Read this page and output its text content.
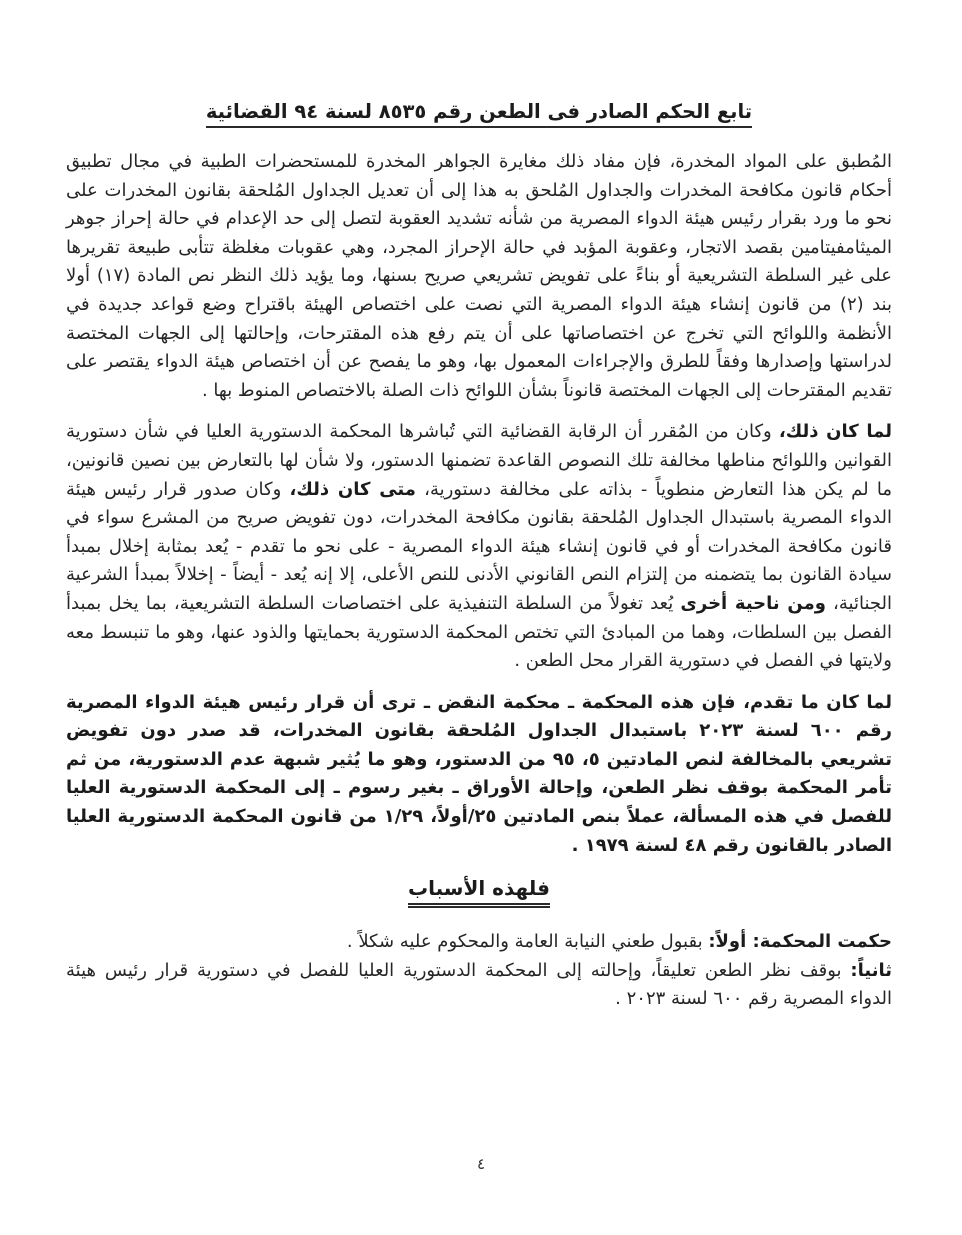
تابع الحكم الصادر فى الطعن رقم ٨٥٣٥ لسنة ٩٤ القضائية

المُطبق على المواد المخدرة، فإن مفاد ذلك مغايرة الجواهر المخدرة للمستحضرات الطبية في مجال تطبيق أحكام قانون مكافحة المخدرات والجداول المُلحق به هذا إلى أن تعديل الجداول المُلحقة بقانون المخدرات على نحو ما ورد بقرار رئيس هيئة الدواء المصرية من شأنه تشديد العقوبة لتصل إلى حد الإعدام في حالة إحراز جوهر الميثامفيتامين بقصد الاتجار، وعقوبة المؤبد في حالة الإحراز المجرد، وهي عقوبات مغلظة تتأبى طبيعة تقريرها على غير السلطة التشريعية أو بناءً على تفويض تشريعي صريح بسنها، وما يؤيد ذلك النظر نص المادة (١٧) أولا بند (٢) من قانون إنشاء هيئة الدواء المصرية التي نصت على اختصاص الهيئة باقتراح وضع قواعد جديدة في الأنظمة واللوائح التي تخرج عن اختصاصاتها على أن يتم رفع هذه المقترحات، وإحالتها إلى الجهات المختصة لدراستها وإصدارها وفقاً للطرق والإجراءات المعمول بها، وهو ما يفصح عن أن اختصاص هيئة الدواء يقتصر على تقديم المقترحات إلى الجهات المختصة قانوناً بشأن اللوائح ذات الصلة بالاختصاص المنوط بها .

لما كان ذلك، وكان من المُقرر أن الرقابة القضائية التي تُباشرها المحكمة الدستورية العليا في شأن دستورية القوانين واللوائح مناطها مخالفة تلك النصوص القاعدة تضمنها الدستور، ولا شأن لها بالتعارض بين نصين قانونين، ما لم يكن هذا التعارض منطوياً - بذاته على مخالفة دستورية، متى كان ذلك، وكان صدور قرار رئيس هيئة الدواء المصرية باستبدال الجداول المُلحقة بقانون مكافحة المخدرات، دون تفويض صريح من المشرع سواء في قانون مكافحة المخدرات أو في قانون إنشاء هيئة الدواء المصرية - على نحو ما تقدم - يُعد بمثابة إخلال بمبدأ سيادة القانون بما يتضمنه من إلتزام النص القانوني الأدنى للنص الأعلى، إلا إنه يُعد - أيضاً - إخلالاً بمبدأ الشرعية الجنائية، ومن ناحية أخرى يُعد تغولاً من السلطة التنفيذية على اختصاصات السلطة التشريعية، بما يخل بمبدأ الفصل بين السلطات، وهما من المبادئ التي تختص المحكمة الدستورية بحمايتها والذود عنها، وهو ما تنبسط معه ولايتها في الفصل في دستورية القرار محل الطعن .

لما كان ما تقدم، فإن هذه المحكمة ـ محكمة النقض ـ ترى أن قرار رئيس هيئة الدواء المصرية رقم ٦٠٠ لسنة ٢٠٢٣ باستبدال الجداول المُلحقة بقانون المخدرات، قد صدر دون تفويض تشريعي بالمخالفة لنص المادتين ٥، ٩٥ من الدستور، وهو ما يُثير شبهة عدم الدستورية، من ثم تأمر المحكمة بوقف نظر الطعن، وإحالة الأوراق ـ بغير رسوم ـ إلى المحكمة الدستورية العليا للفصل في هذه المسألة، عملاً بنص المادتين ٢٥/أولاً، ١/٢٩ من قانون المحكمة الدستورية العليا الصادر بالقانون رقم ٤٨ لسنة ١٩٧٩ .

فلهذه الأسباب

حكمت المحكمة: أولاً: بقبول طعني النيابة العامة والمحكوم عليه شكلاً .

ثانياً: بوقف نظر الطعن تعليقاً، وإحالته إلى المحكمة الدستورية العليا للفصل في دستورية قرار رئيس هيئة الدواء المصرية رقم ٦٠٠ لسنة ٢٠٢٣ .

٤
